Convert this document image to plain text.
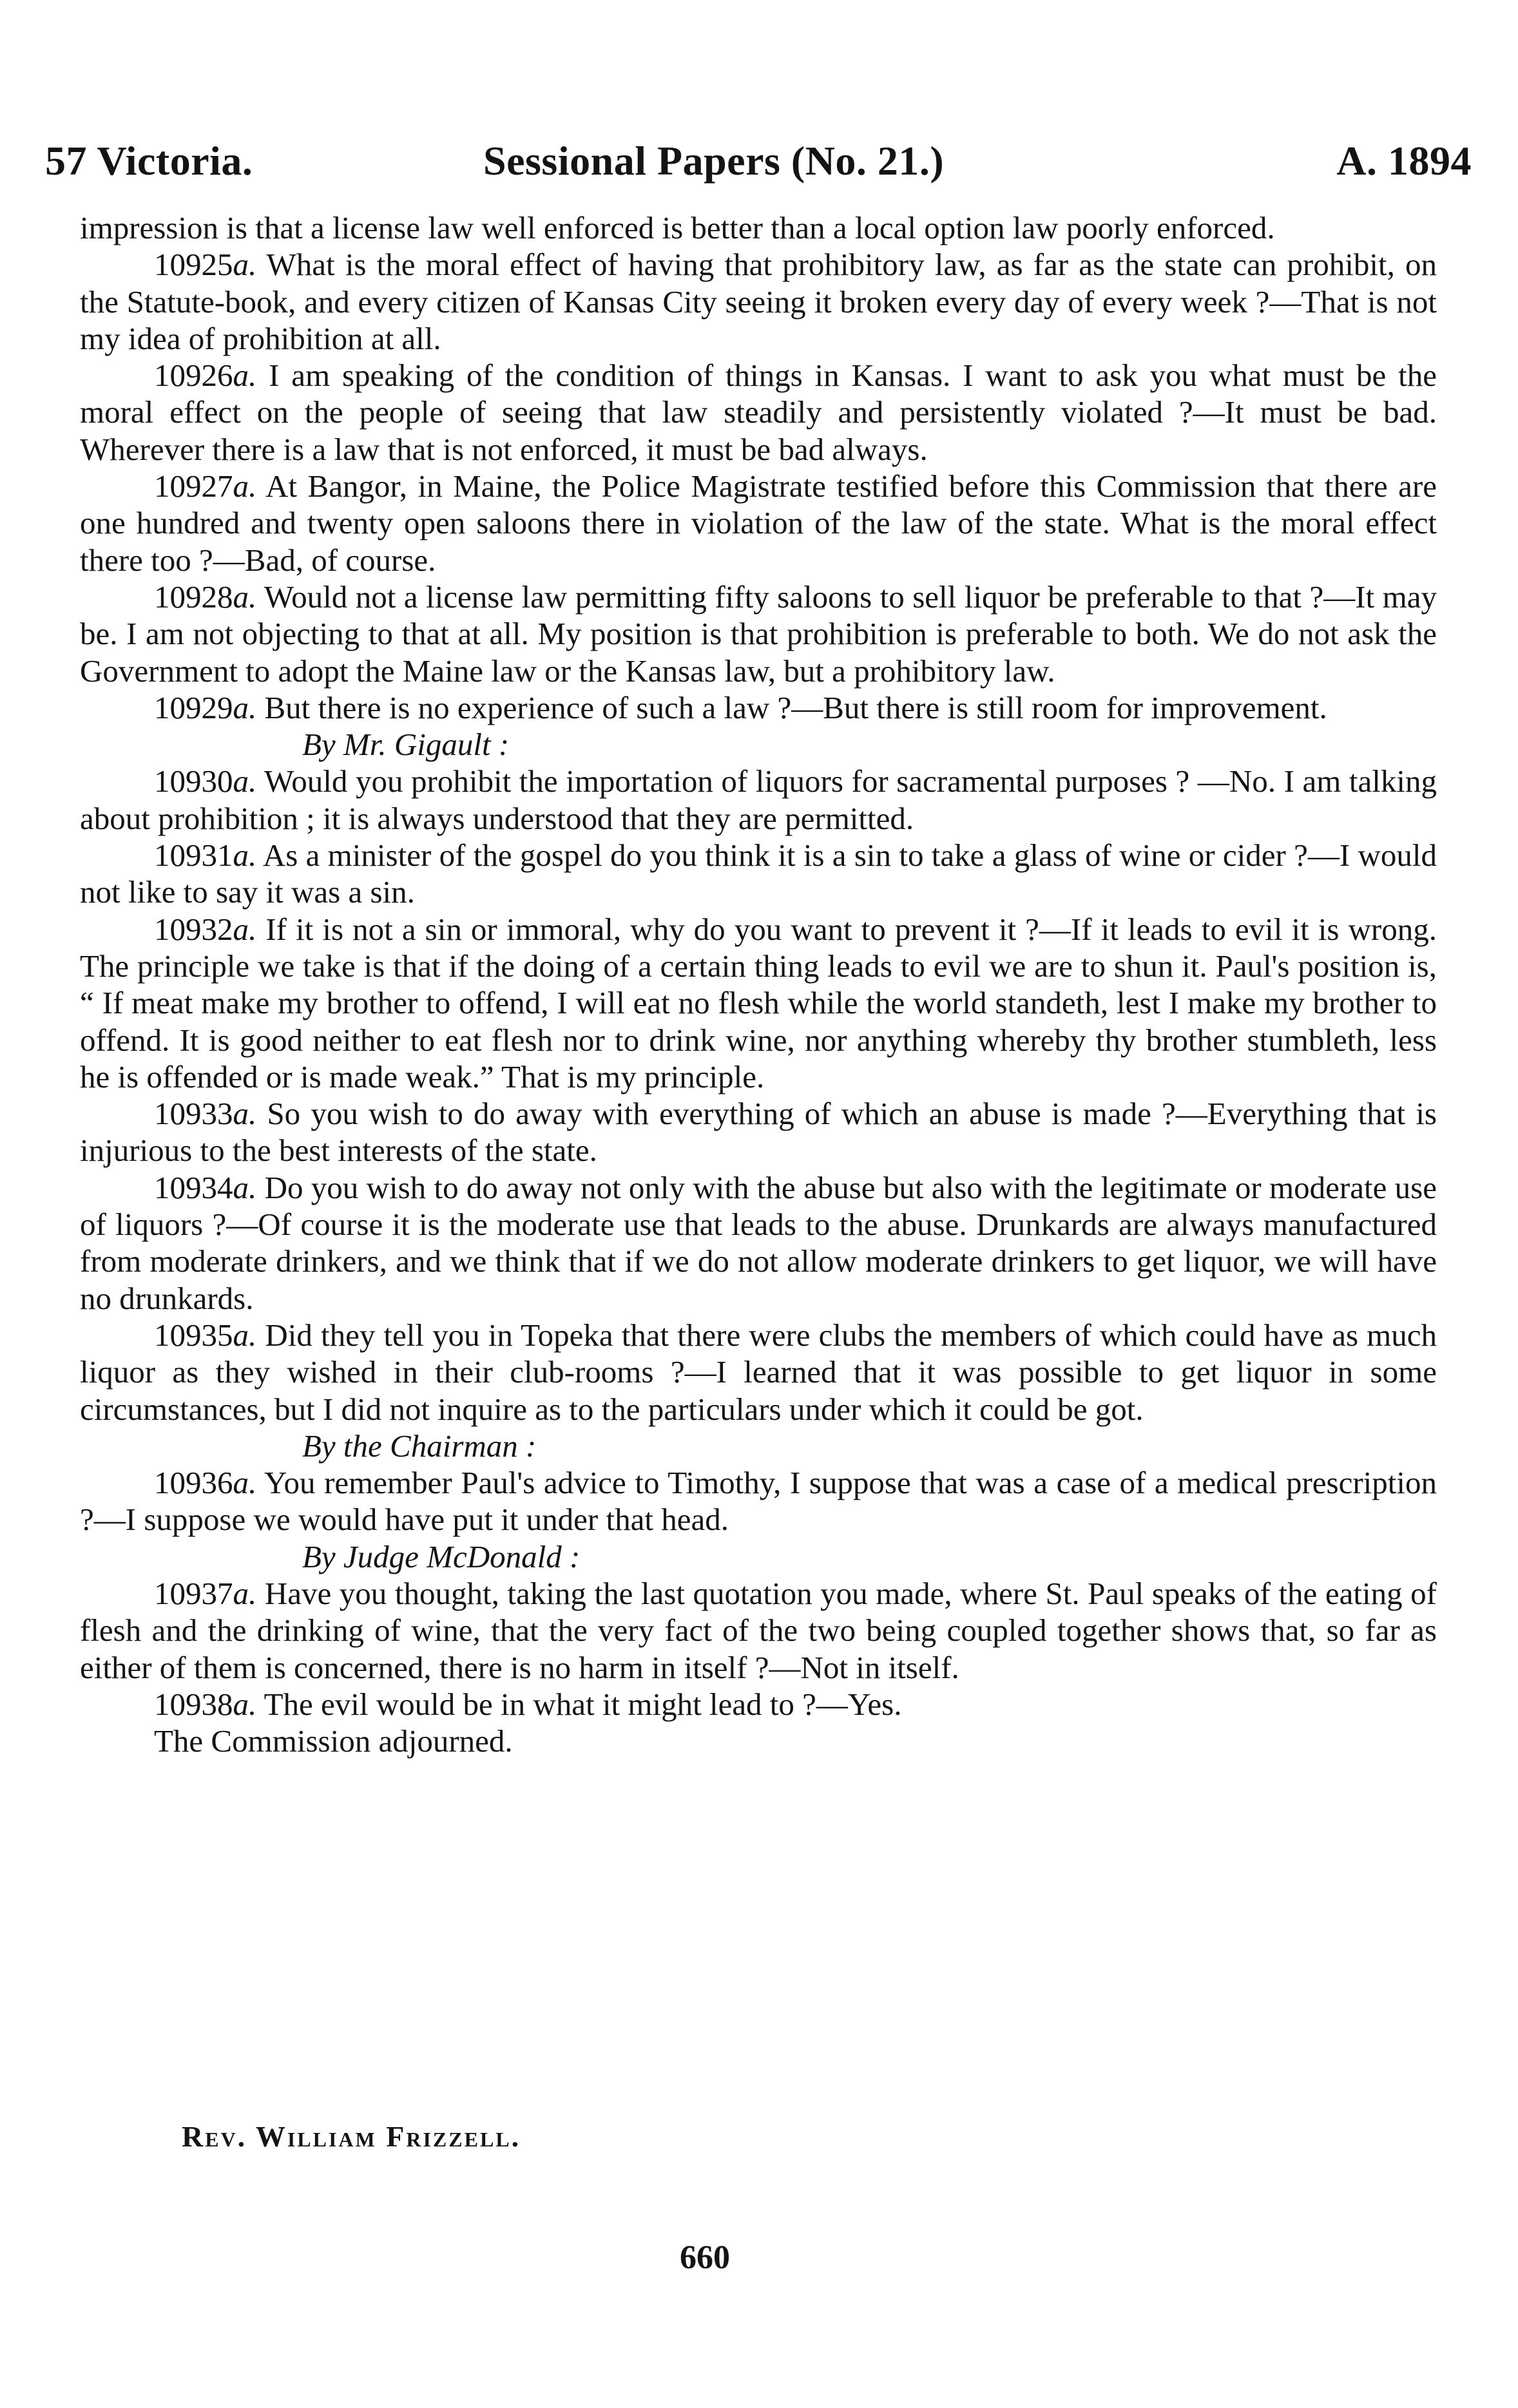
57 Victoria.	Sessional Papers (No. 21.)	A. 1894

impression is that a license law well enforced is better than a local option law poorly enforced.

10925a. What is the moral effect of having that prohibitory law, as far as the state can prohibit, on the Statute-book, and every citizen of Kansas City seeing it broken every day of every week ?—That is not my idea of prohibition at all.

10926a. I am speaking of the condition of things in Kansas. I want to ask you what must be the moral effect on the people of seeing that law steadily and persistently violated ?—It must be bad. Wherever there is a law that is not enforced, it must be bad always.

10927a. At Bangor, in Maine, the Police Magistrate testified before this Commission that there are one hundred and twenty open saloons there in violation of the law of the state. What is the moral effect there too ?—Bad, of course.

10928a. Would not a license law permitting fifty saloons to sell liquor be preferable to that ?—It may be. I am not objecting to that at all. My position is that prohibition is preferable to both. We do not ask the Government to adopt the Maine law or the Kansas law, but a prohibitory law.

10929a. But there is no experience of such a law ?—But there is still room for improvement.

By Mr. Gigault :

10930a. Would you prohibit the importation of liquors for sacramental purposes ? —No. I am talking about prohibition ; it is always understood that they are permitted.

10931a. As a minister of the gospel do you think it is a sin to take a glass of wine or cider ?—I would not like to say it was a sin.

10932a. If it is not a sin or immoral, why do you want to prevent it ?—If it leads to evil it is wrong. The principle we take is that if the doing of a certain thing leads to evil we are to shun it. Paul's position is, “ If meat make my brother to offend, I will eat no flesh while the world standeth, lest I make my brother to offend. It is good neither to eat flesh nor to drink wine, nor anything whereby thy brother stumbleth, less he is offended or is made weak.” That is my principle.

10933a. So you wish to do away with everything of which an abuse is made ?—Everything that is injurious to the best interests of the state.

10934a. Do you wish to do away not only with the abuse but also with the legitimate or moderate use of liquors ?—Of course it is the moderate use that leads to the abuse. Drunkards are always manufactured from moderate drinkers, and we think that if we do not allow moderate drinkers to get liquor, we will have no drunkards.

10935a. Did they tell you in Topeka that there were clubs the members of which could have as much liquor as they wished in their club-rooms ?—I learned that it was possible to get liquor in some circumstances, but I did not inquire as to the particulars under which it could be got.

By the Chairman :

10936a. You remember Paul's advice to Timothy, I suppose that was a case of a medical prescription ?—I suppose we would have put it under that head.

By Judge McDonald :

10937a. Have you thought, taking the last quotation you made, where St. Paul speaks of the eating of flesh and the drinking of wine, that the very fact of the two being coupled together shows that, so far as either of them is concerned, there is no harm in itself ?—Not in itself.

10938a. The evil would be in what it might lead to ?—Yes.

The Commission adjourned.

Rev. William Frizzell.
660
